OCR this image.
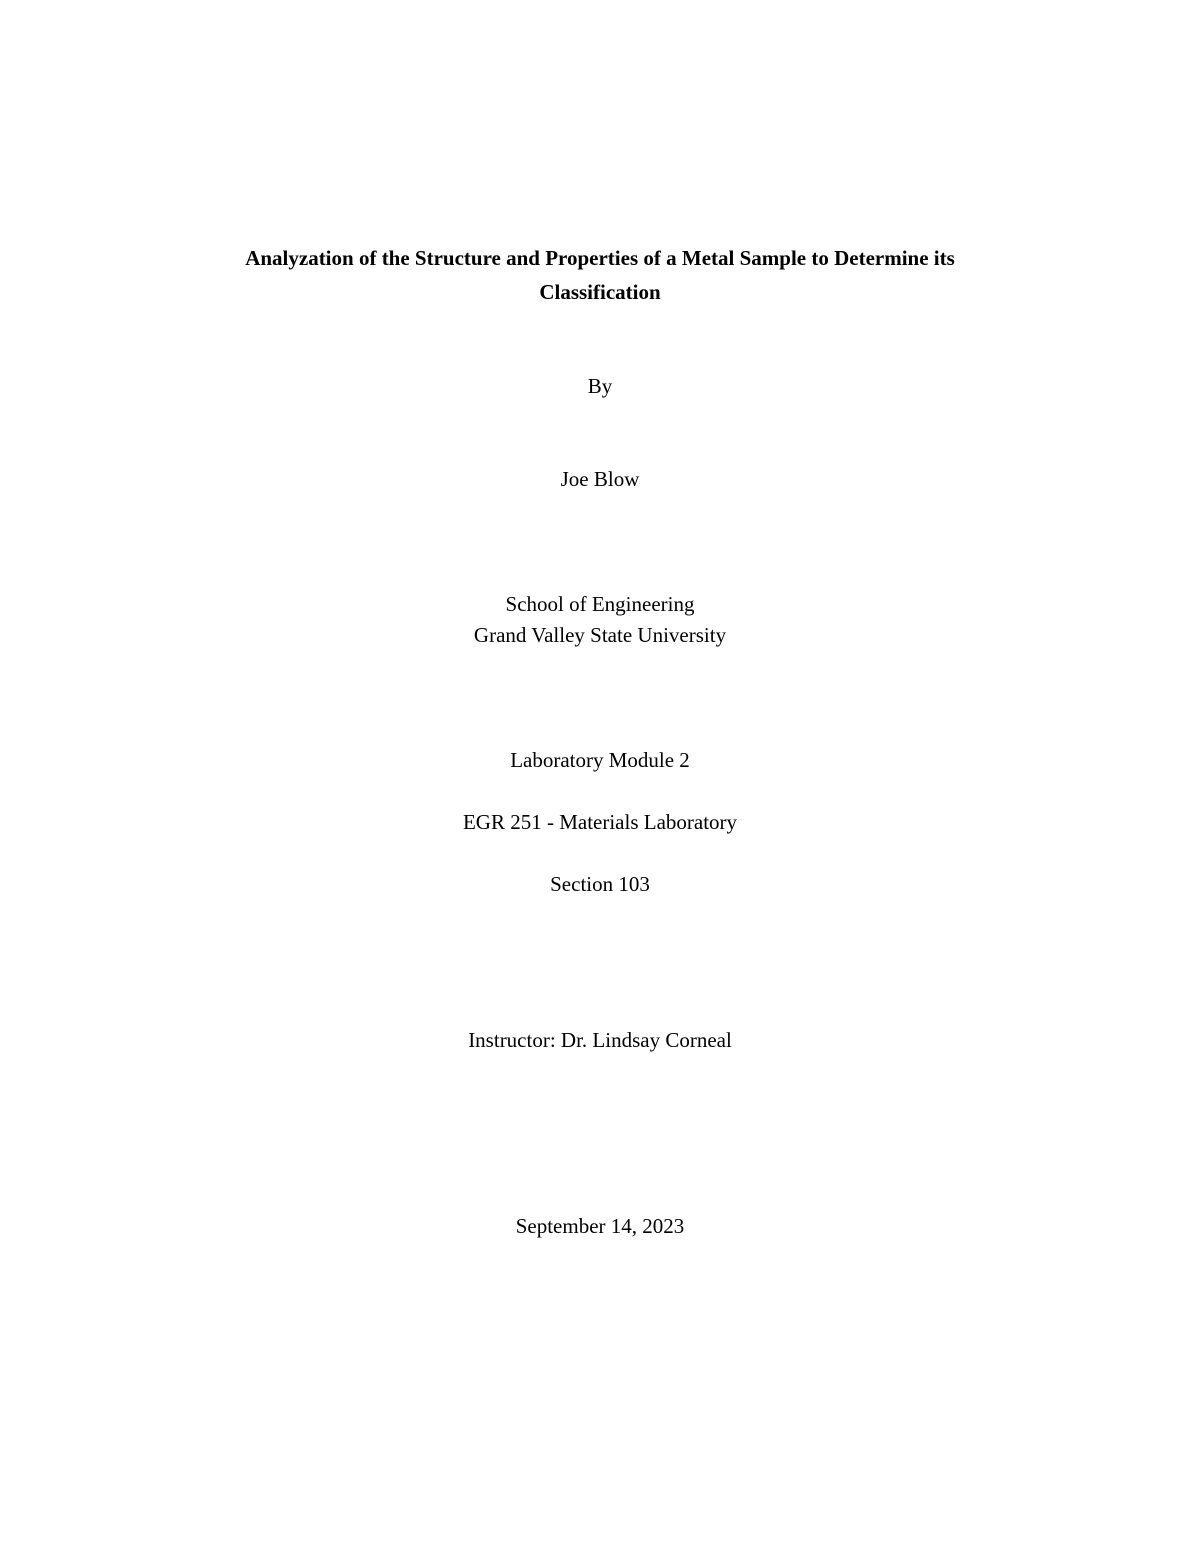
Analyzation of the Structure and Properties of a Metal Sample to Determine its
Classification
By
Joe Blow
School of Engineering
Grand Valley State University
Laboratory Module 2
EGR 251 - Materials Laboratory
Section 103
Instructor: Dr. Lindsay Corneal
September 14, 2023
